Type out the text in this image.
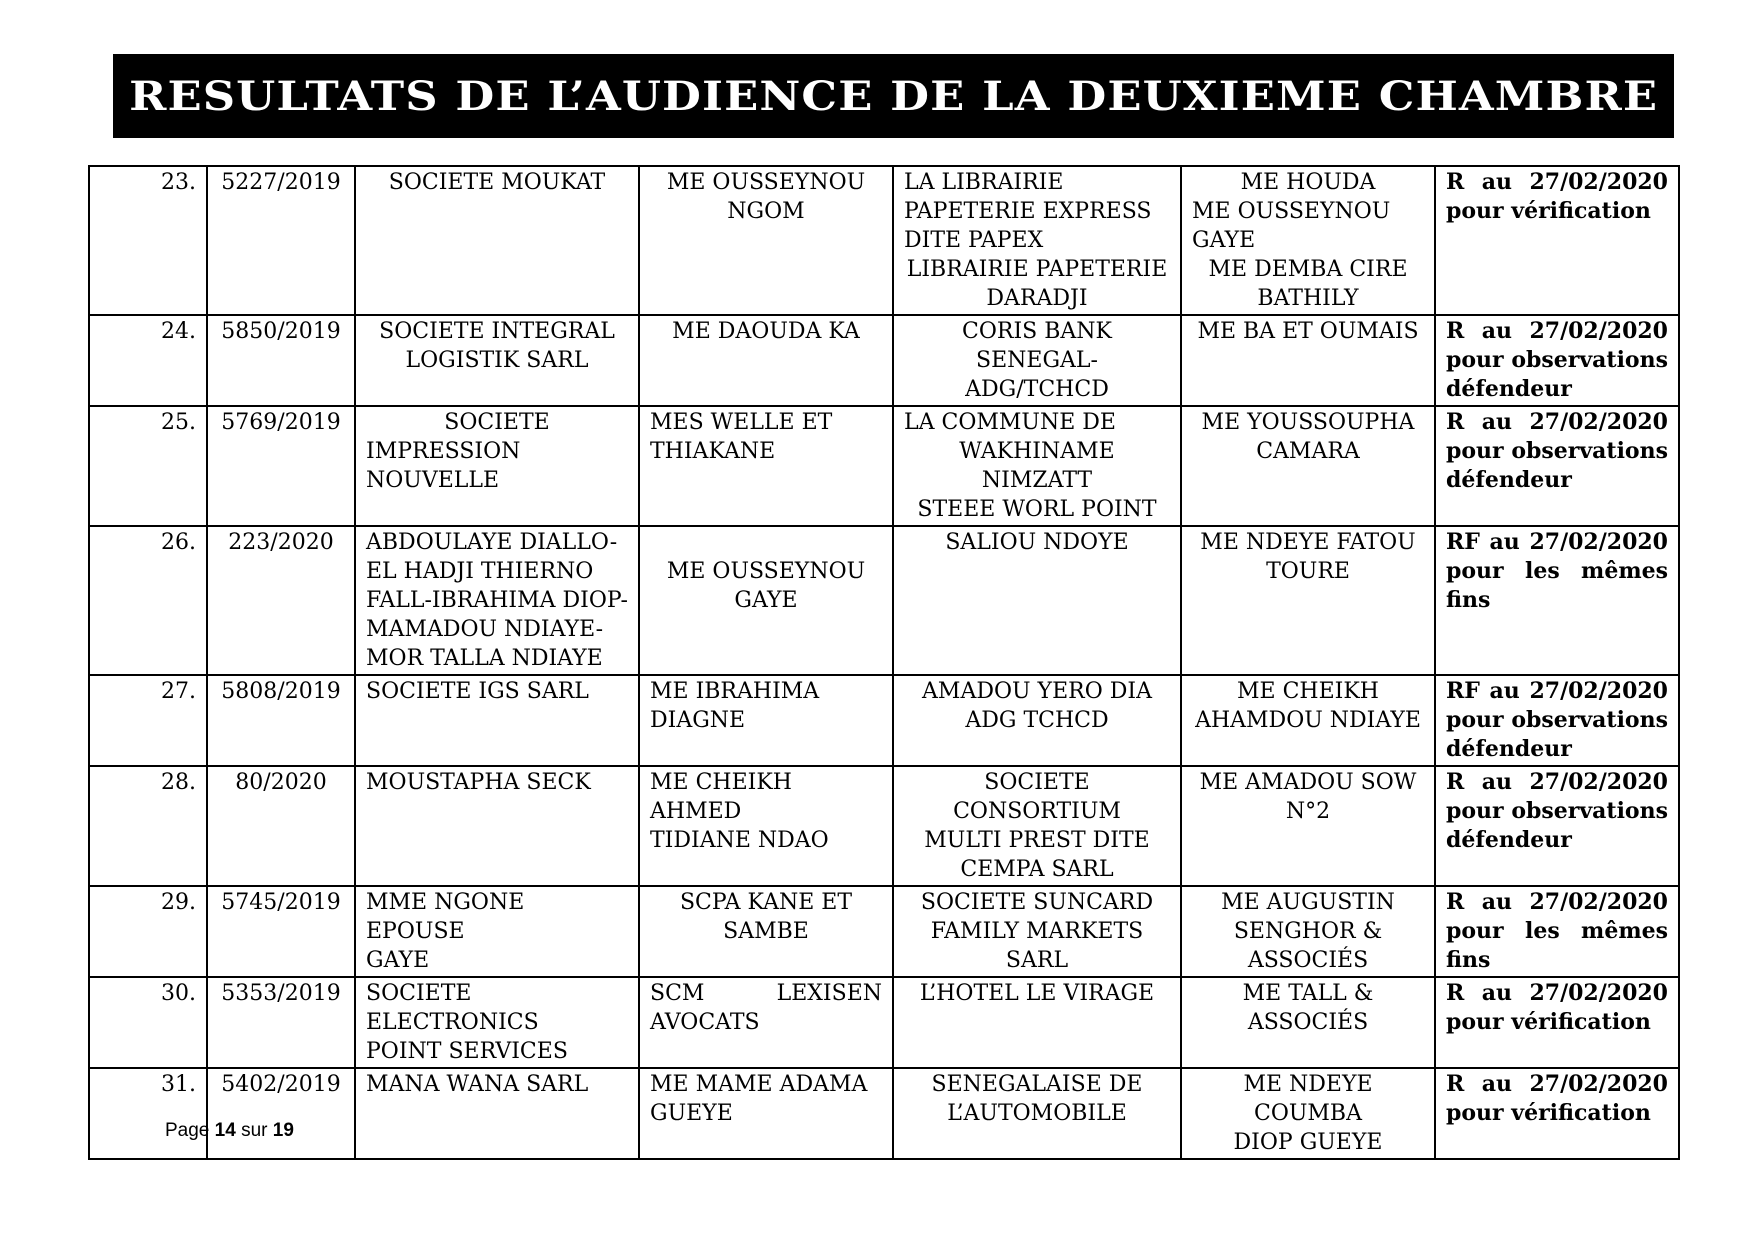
RESULTATS DE L’AUDIENCE DE LA DEUXIEME CHAMBRE
23.	5227/2019	SOCIETE MOUKAT	ME OUSSEYNOU
NGOM	LA LIBRAIRIE
PAPETERIE EXPRESS
DITE PAPEX
LIBRAIRIE PAPETERIE
DARADJI	ME HOUDA
ME OUSSEYNOU
GAYE
ME DEMBA CIRE
BATHILY	R au 27/02/2020 pour vérification
24.	5850/2019	SOCIETE INTEGRAL
LOGISTIK SARL	ME DAOUDA KA	CORIS BANK SENEGAL-
ADG/TCHCD	ME BA ET OUMAIS	R au 27/02/2020 pour observations défendeur
25.	5769/2019	SOCIETE
IMPRESSION
NOUVELLE	MES WELLE ET
THIAKANE	LA COMMUNE DE
WAKHINAME NIMZATT
STEEE WORL POINT	ME YOUSSOUPHA
CAMARA	R au 27/02/2020 pour observations défendeur
26.	223/2020	ABDOULAYE DIALLO-
EL HADJI THIERNO
FALL-IBRAHIMA DIOP-
MAMADOU NDIAYE-
MOR TALLA NDIAYE	ME OUSSEYNOU
GAYE	SALIOU NDOYE	ME NDEYE FATOU
TOURE	RF au 27/02/2020 pour les mêmes fins
27.	5808/2019	SOCIETE IGS SARL	ME IBRAHIMA
DIAGNE	AMADOU YERO DIA
ADG TCHCD	ME CHEIKH
AHAMDOU NDIAYE	RF au 27/02/2020 pour observations défendeur
28.	80/2020	MOUSTAPHA SECK	ME CHEIKH AHMED
TIDIANE NDAO	SOCIETE CONSORTIUM
MULTI PREST DITE
CEMPA SARL	ME AMADOU SOW
N°2	R au 27/02/2020 pour observations défendeur
29.	5745/2019	MME NGONE EPOUSE
GAYE	SCPA KANE ET
SAMBE	SOCIETE SUNCARD
FAMILY MARKETS SARL	ME AUGUSTIN
SENGHOR &
ASSOCIÉS	R au 27/02/2020 pour les mêmes fins
30.	5353/2019	SOCIETE ELECTRONICS
POINT SERVICES	SCM LEXISEN
AVOCATS	L’HOTEL LE VIRAGE	ME TALL &
ASSOCIÉS	R au 27/02/2020 pour vérification
31.	5402/2019	MANA WANA SARL	ME MAME ADAMA
GUEYE	SENEGALAISE DE
L’AUTOMOBILE	ME NDEYE COUMBA
DIOP GUEYE	R au 27/02/2020 pour vérification
Page 14 sur 19
